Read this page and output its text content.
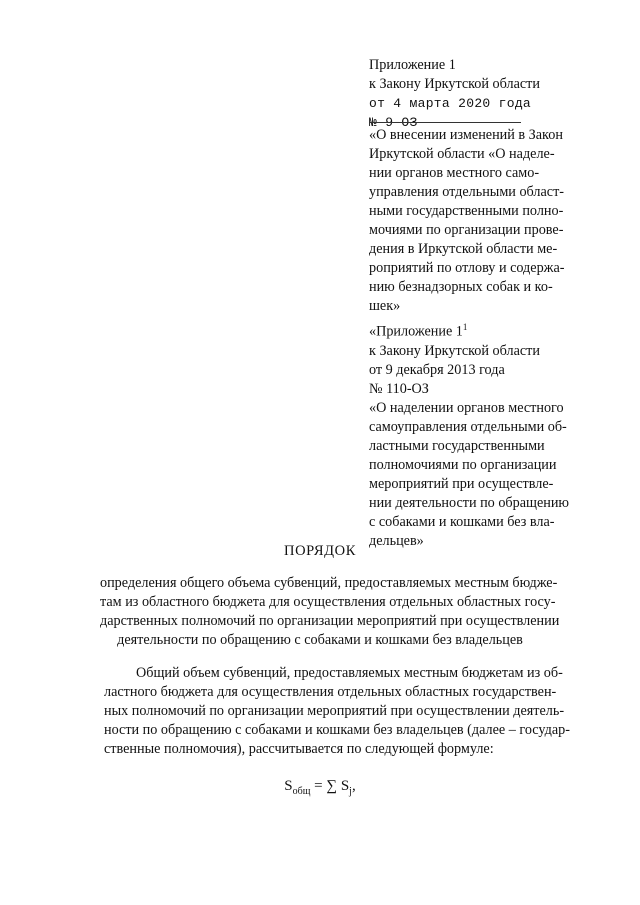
Приложение 1
к Закону Иркутской области
от 4 марта 2020 года
№ 9-ОЗ
«О внесении изменений в Закон
Иркутской области «О наделе-
нии органов местного само-
управления отдельными област-
ными государственными полно-
мочиями по организации прове-
дения в Иркутской области ме-
роприятий по отлову и содержа-
нию безнадзорных собак и ко-
шек»
«Приложение $1^1$
к Закону Иркутской области
от 9 декабря 2013 года
№ 110-ОЗ
«О наделении органов местного
самоуправления отдельными об-
ластными государственными
полномочиями по организации
мероприятий при осуществле-
нии деятельности по обращению
с собаками и кошками без вла-
дельцев»
ПОРЯДОК
определения общего объема субвенций, предоставляемых местным бюдже-
там из областного бюджета для осуществления отдельных областных госу-
дарственных полномочий по организации мероприятий при осуществлении
деятельности по обращению с собаками и кошками без владельцев
Общий объем субвенций, предоставляемых местным бюджетам из об-
ластного бюджета для осуществления отдельных областных государствен-
ных полномочий по организации мероприятий при осуществлении деятель-
ности по обращению с собаками и кошками без владельцев (далее – государ-
ственные полномочия), рассчитывается по следующей формуле:
$S_{общ}$ = ∑ $S_j$,
